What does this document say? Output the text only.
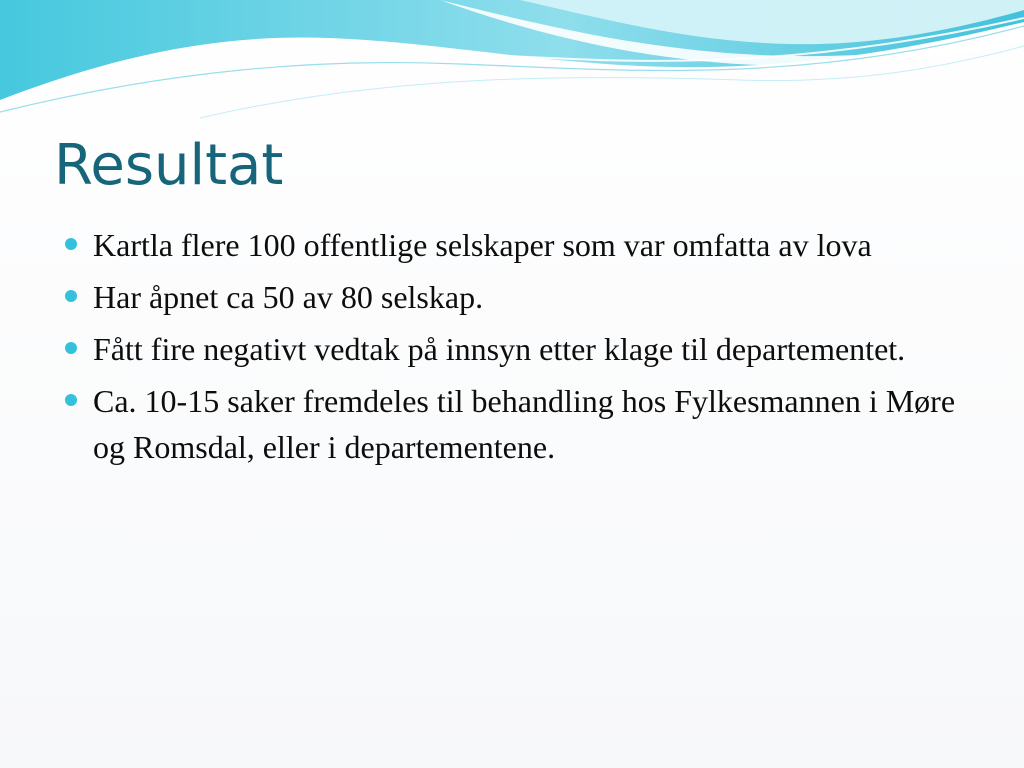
Resultat
Kartla flere 100 offentlige selskaper som var omfatta av lova
Har åpnet ca 50 av 80 selskap.
Fått fire negativt vedtak på innsyn etter klage til departementet.
Ca. 10-15 saker fremdeles til behandling hos Fylkesmannen i Møre og Romsdal, eller i departementene.
